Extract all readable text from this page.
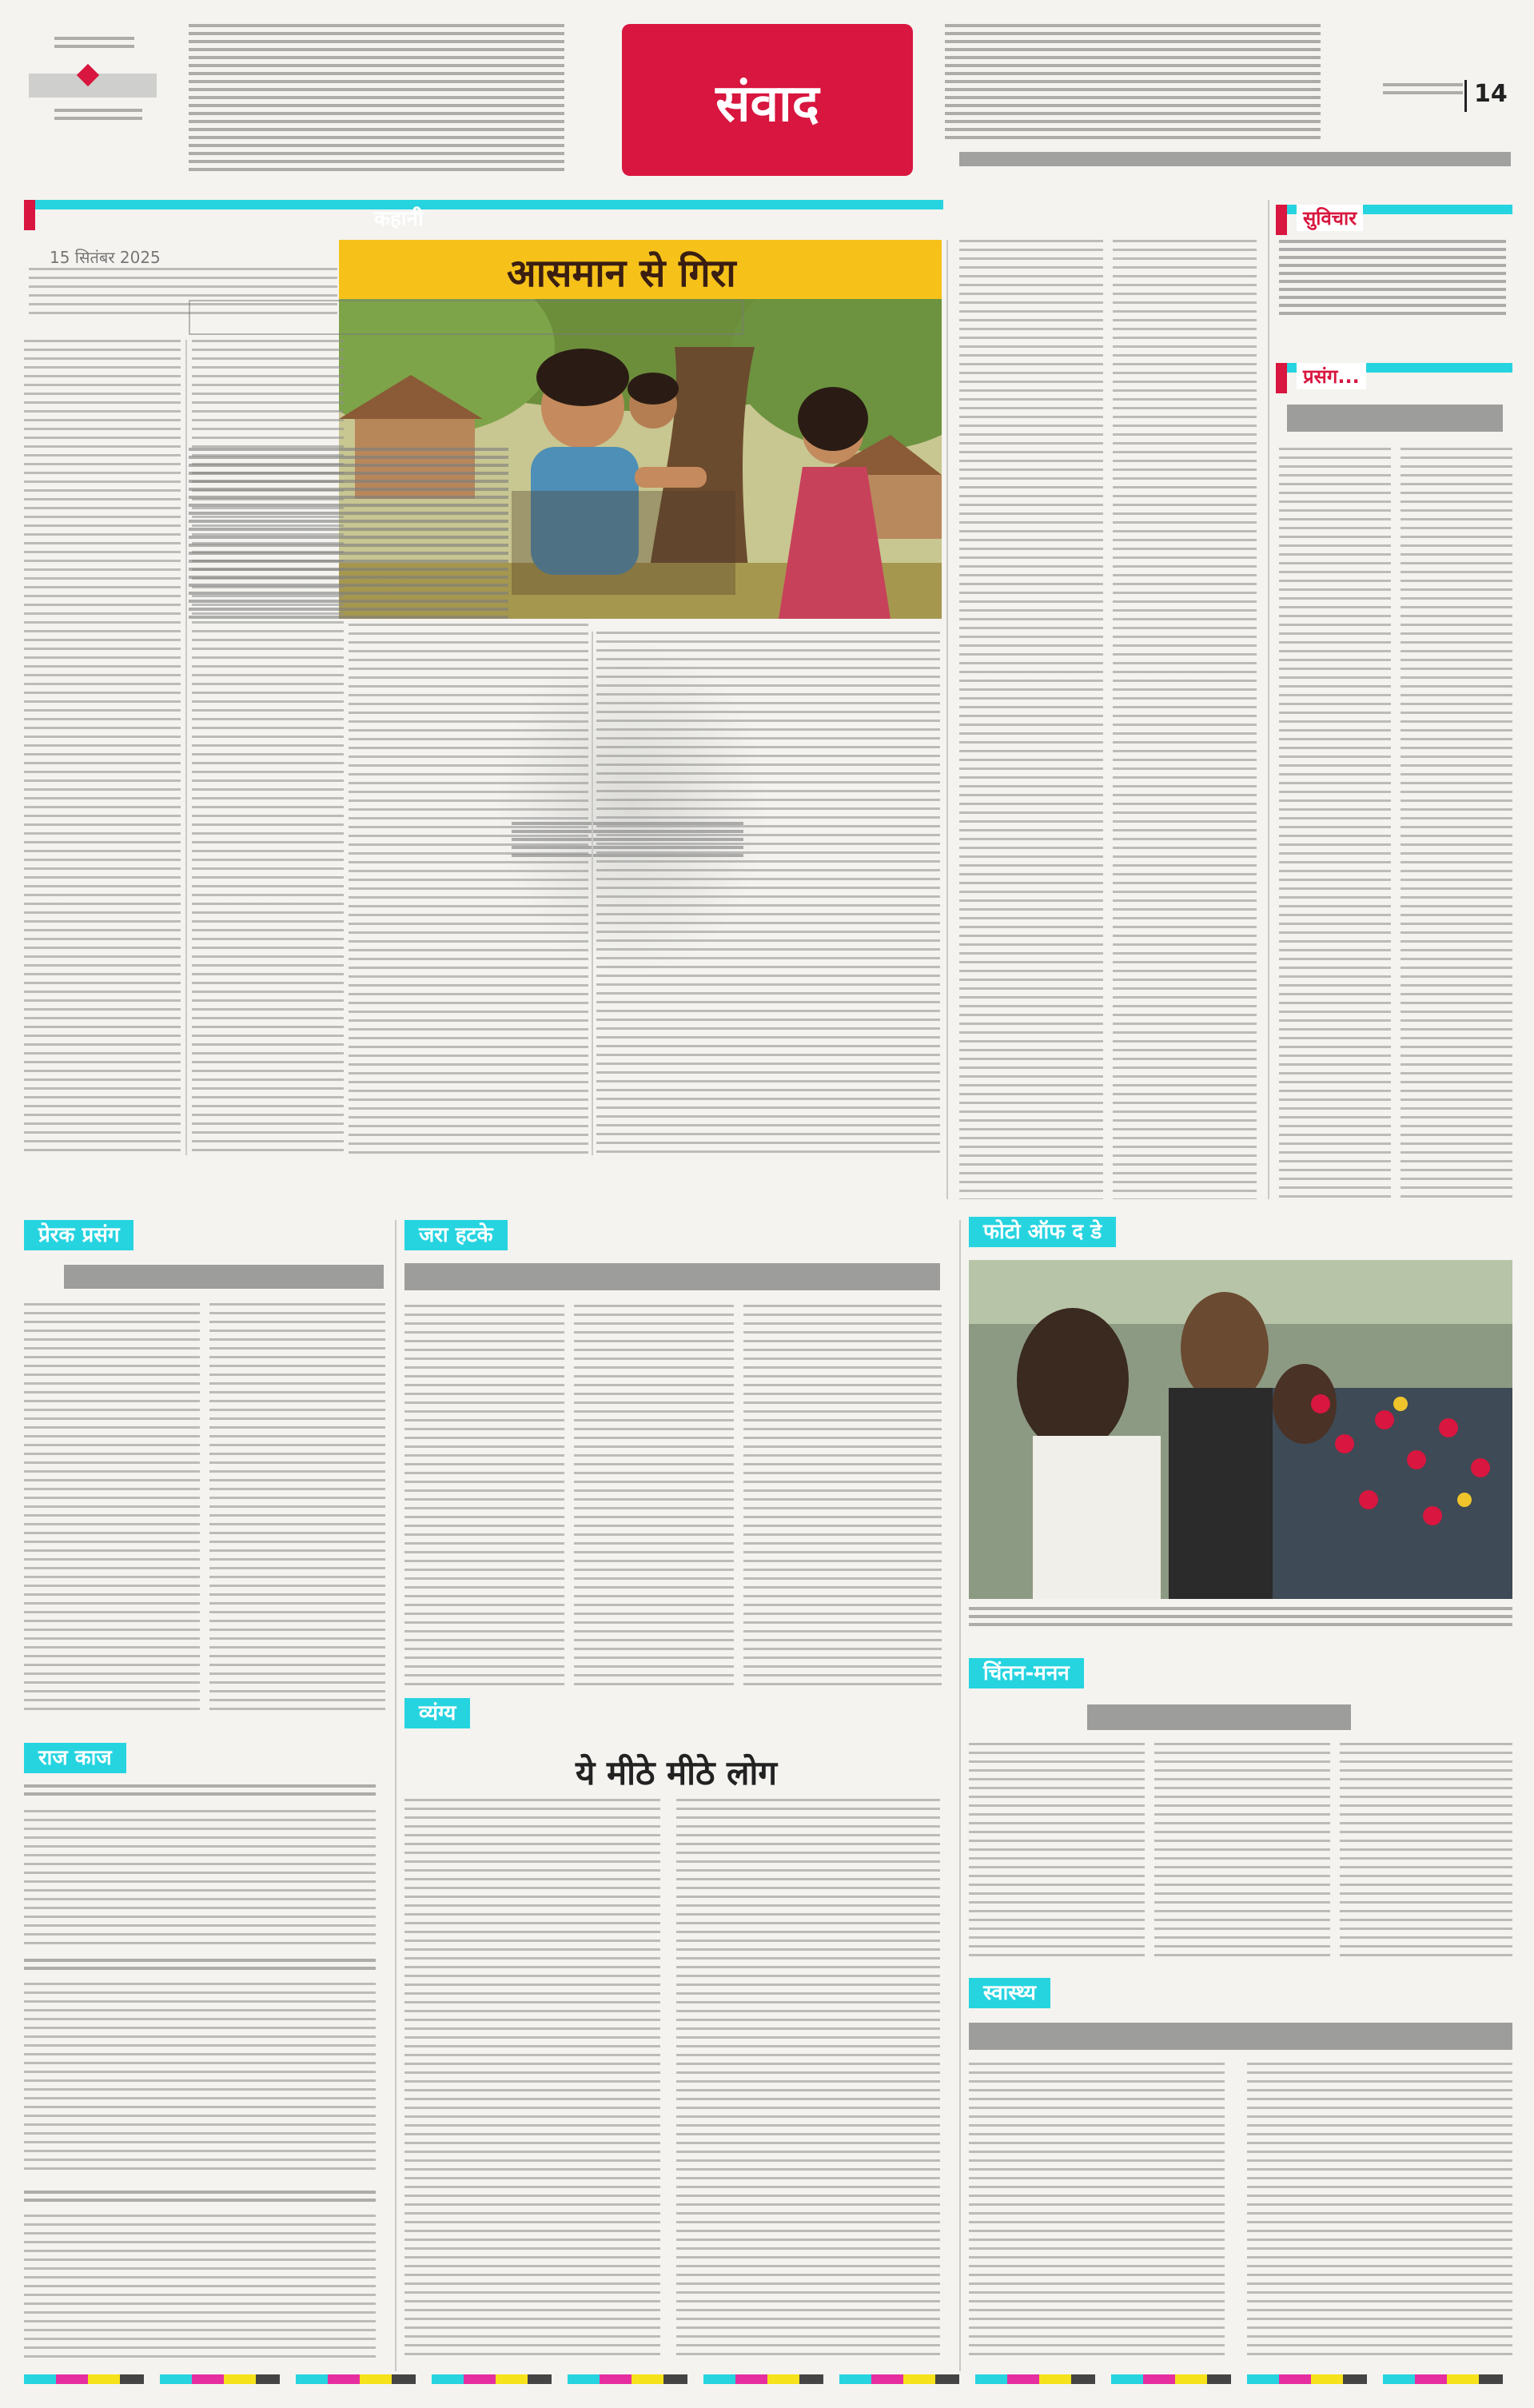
संवाद	14
कहानी
15 सितंबर 2025	आसमान से गिरा
सुविचार
प्रसंग...
प्रेरक प्रसंग	जरा हटके	फोटो ऑफ द डे
राज काज
व्यंग्य
ये मीठे मीठे लोग
चिंतन-मनन
स्वास्थ्य
